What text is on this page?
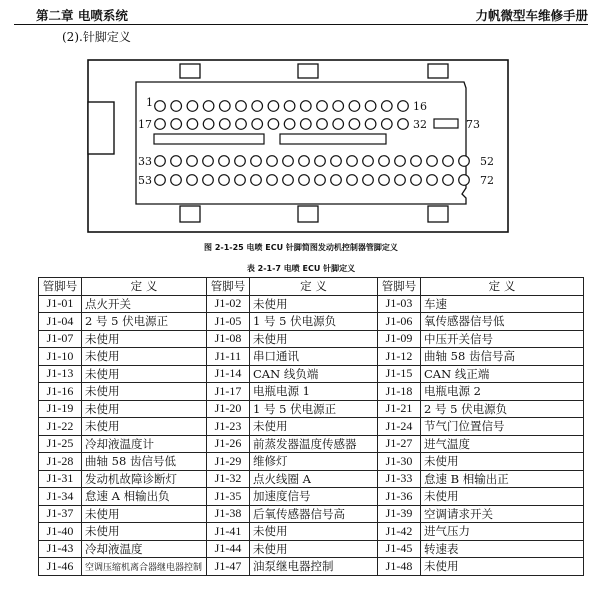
第二章 电喷系统	力帆微型车维修手册
(2).针脚定义
1	16
17	32	73
33	52
53	72
图 2-1-25 电喷 ECU 针脚简图发动机控制器管脚定义
表 2-1-7 电喷 ECU 针脚定义
管脚号	定 义	管脚号	定 义	管脚号	定 义
J1-01	点火开关	J1-02	未使用	J1-03	车速
J1-04	2 号 5 伏电源正	J1-05	1 号 5 伏电源负	J1-06	氧传感器信号低
J1-07	未使用	J1-08	未使用	J1-09	中压开关信号
J1-10	未使用	J1-11	串口通讯	J1-12	曲轴 58 齿信号高
J1-13	未使用	J1-14	CAN 线负端	J1-15	CAN 线正端
J1-16	未使用	J1-17	电瓶电源 1	J1-18	电瓶电源 2
J1-19	未使用	J1-20	1 号 5 伏电源正	J1-21	2 号 5 伏电源负
J1-22	未使用	J1-23	未使用	J1-24	节气门位置信号
J1-25	冷却液温度计	J1-26	前蒸发器温度传感器	J1-27	进气温度
J1-28	曲轴 58 齿信号低	J1-29	维修灯	J1-30	未使用
J1-31	发动机故障诊断灯	J1-32	点火线圈 A	J1-33	怠速 B 相输出正
J1-34	怠速 A 相输出负	J1-35	加速度信号	J1-36	未使用
J1-37	未使用	J1-38	后氧传感器信号高	J1-39	空调请求开关
J1-40	未使用	J1-41	未使用	J1-42	进气压力
J1-43	冷却液温度	J1-44	未使用	J1-45	转速表
J1-46	空调压缩机离合器继电器控制	J1-47	油泵继电器控制	J1-48	未使用
